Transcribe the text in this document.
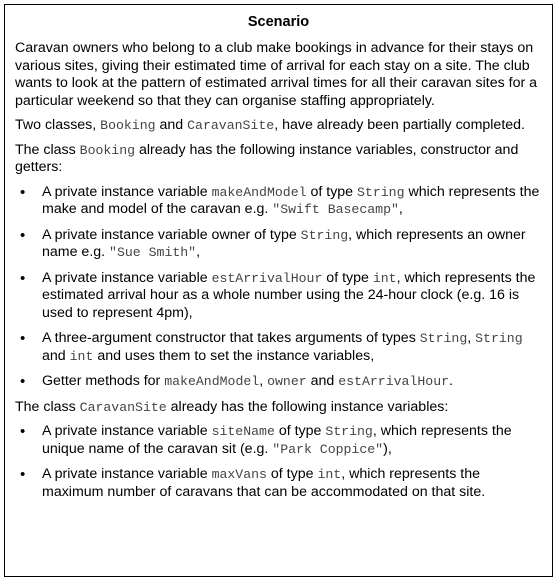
Scenario

Caravan owners who belong to a club make bookings in advance for their stays on various sites, giving their estimated time of arrival for each stay on a site. The club wants to look at the pattern of estimated arrival times for all their caravan sites for a particular weekend so that they can organise staffing appropriately.

Two classes, Booking and CaravanSite, have already been partially completed.

The class Booking already has the following instance variables, constructor and getters:

• A private instance variable makeAndModel of type String which represents the make and model of the caravan e.g. "Swift Basecamp",
• A private instance variable owner of type String, which represents an owner name e.g. "Sue Smith",
• A private instance variable estArrivalHour of type int, which represents the estimated arrival hour as a whole number using the 24-hour clock (e.g. 16 is used to represent 4pm),
• A three-argument constructor that takes arguments of types String, String and int and uses them to set the instance variables,
• Getter methods for makeAndModel, owner and estArrivalHour.

The class CaravanSite already has the following instance variables:

• A private instance variable siteName of type String, which represents the unique name of the caravan sit (e.g. "Park Coppice"),
• A private instance variable maxVans of type int, which represents the maximum number of caravans that can be accommodated on that site.
